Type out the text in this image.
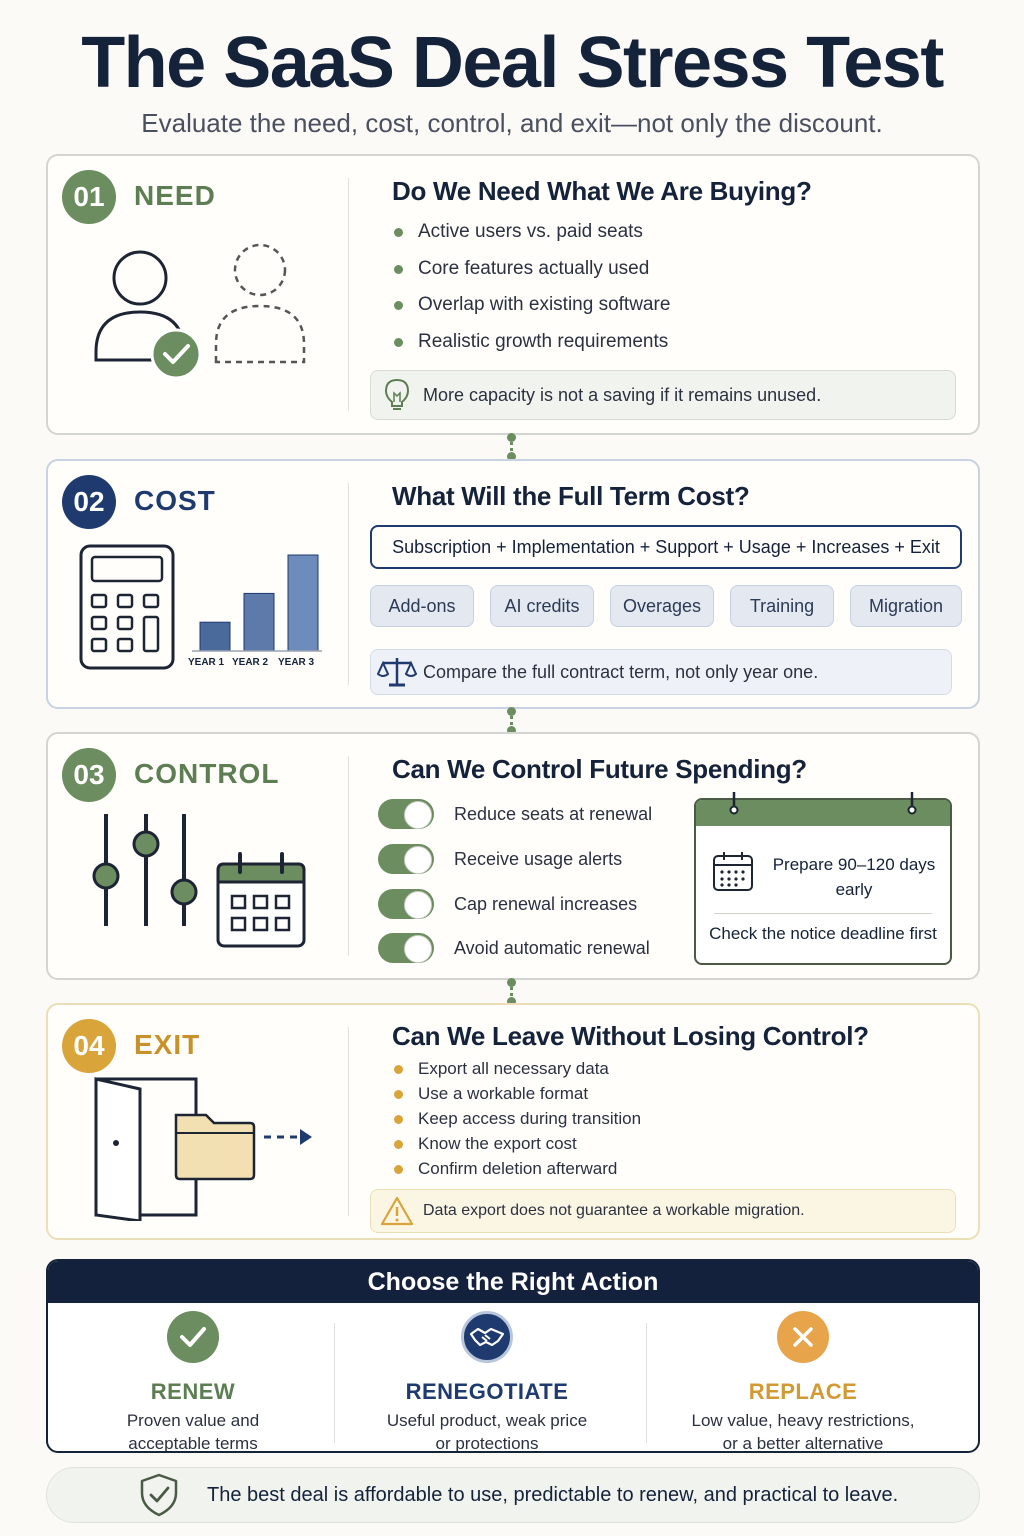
The SaaS Deal Stress Test
Evaluate the need, cost, control, and exit—not only the discount.
01	NEED	Do We Need What We Are Buying?
Active users vs. paid seats
Core features actually used
Overlap with existing software
Realistic growth requirements
More capacity is not a saving if it remains unused.
02	COST
YEAR 1 YEAR 2 YEAR 3
What Will the Full Term Cost?
Subscription + Implementation + Support + Usage + Increases + Exit
Add-ons	AI credits	Overages	Training	Migration
Compare the full contract term, not only year one.
03	CONTROL	Can We Control Future Spending?
Reduce seats at renewal
Receive usage alerts
Cap renewal increases
Avoid automatic renewal
Prepare 90–120 days early
Check the notice deadline first
04	EXIT	Can We Leave Without Losing Control?
Export all necessary data
Use a workable format
Keep access during transition
Know the export cost
Confirm deletion afterward
Data export does not guarantee a workable migration.
Choose the Right Action
RENEW
Proven value and
acceptable terms
RENEGOTIATE
Useful product, weak price
or protections
REPLACE
Low value, heavy restrictions,
or a better alternative
The best deal is affordable to use, predictable to renew, and practical to leave.
